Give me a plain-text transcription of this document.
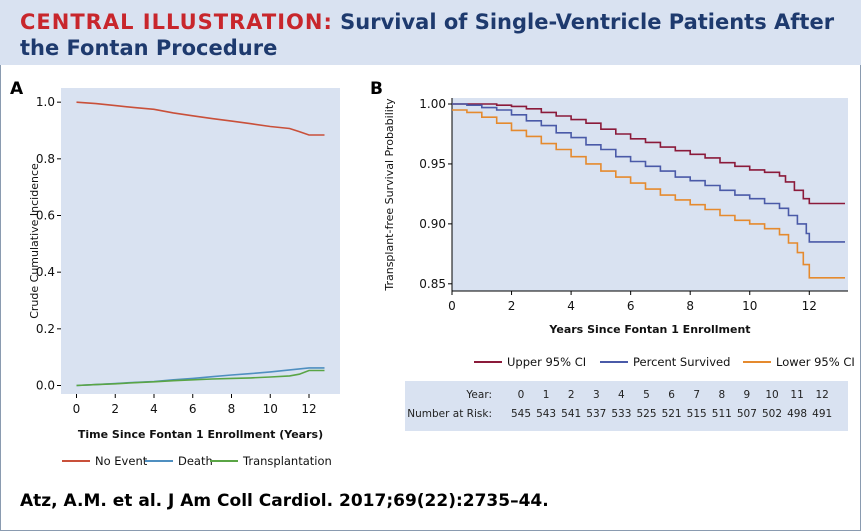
CENTRAL ILLUSTRATION: Survival of Single-Ventricle Patients After the Fontan Procedure
A	B
0	2	4	6	8 10 12
0.0
0.2
0.4
0.6
0.8
1.0
Time Since Fontan 1 Enrollment (Years)
Crude Cumulative Incidence
No Event	Death	Transplantation
0	2	4	6	8	10	12
0.85
0.90
0.95
1.00
Years Since Fontan 1 Enrollment
Transplant-free Survival Probability
Upper 95% CI	Percent Survived	Lower 95% CI
Year:	0	1	2	3	4	5	6	7	8	9	10	11	12
Number at Risk: 545 543 541 537 533 525 521 515 511 507 502 498 491
Atz, A.M. et al. J Am Coll Cardiol. 2017;69(22):2735–44.
